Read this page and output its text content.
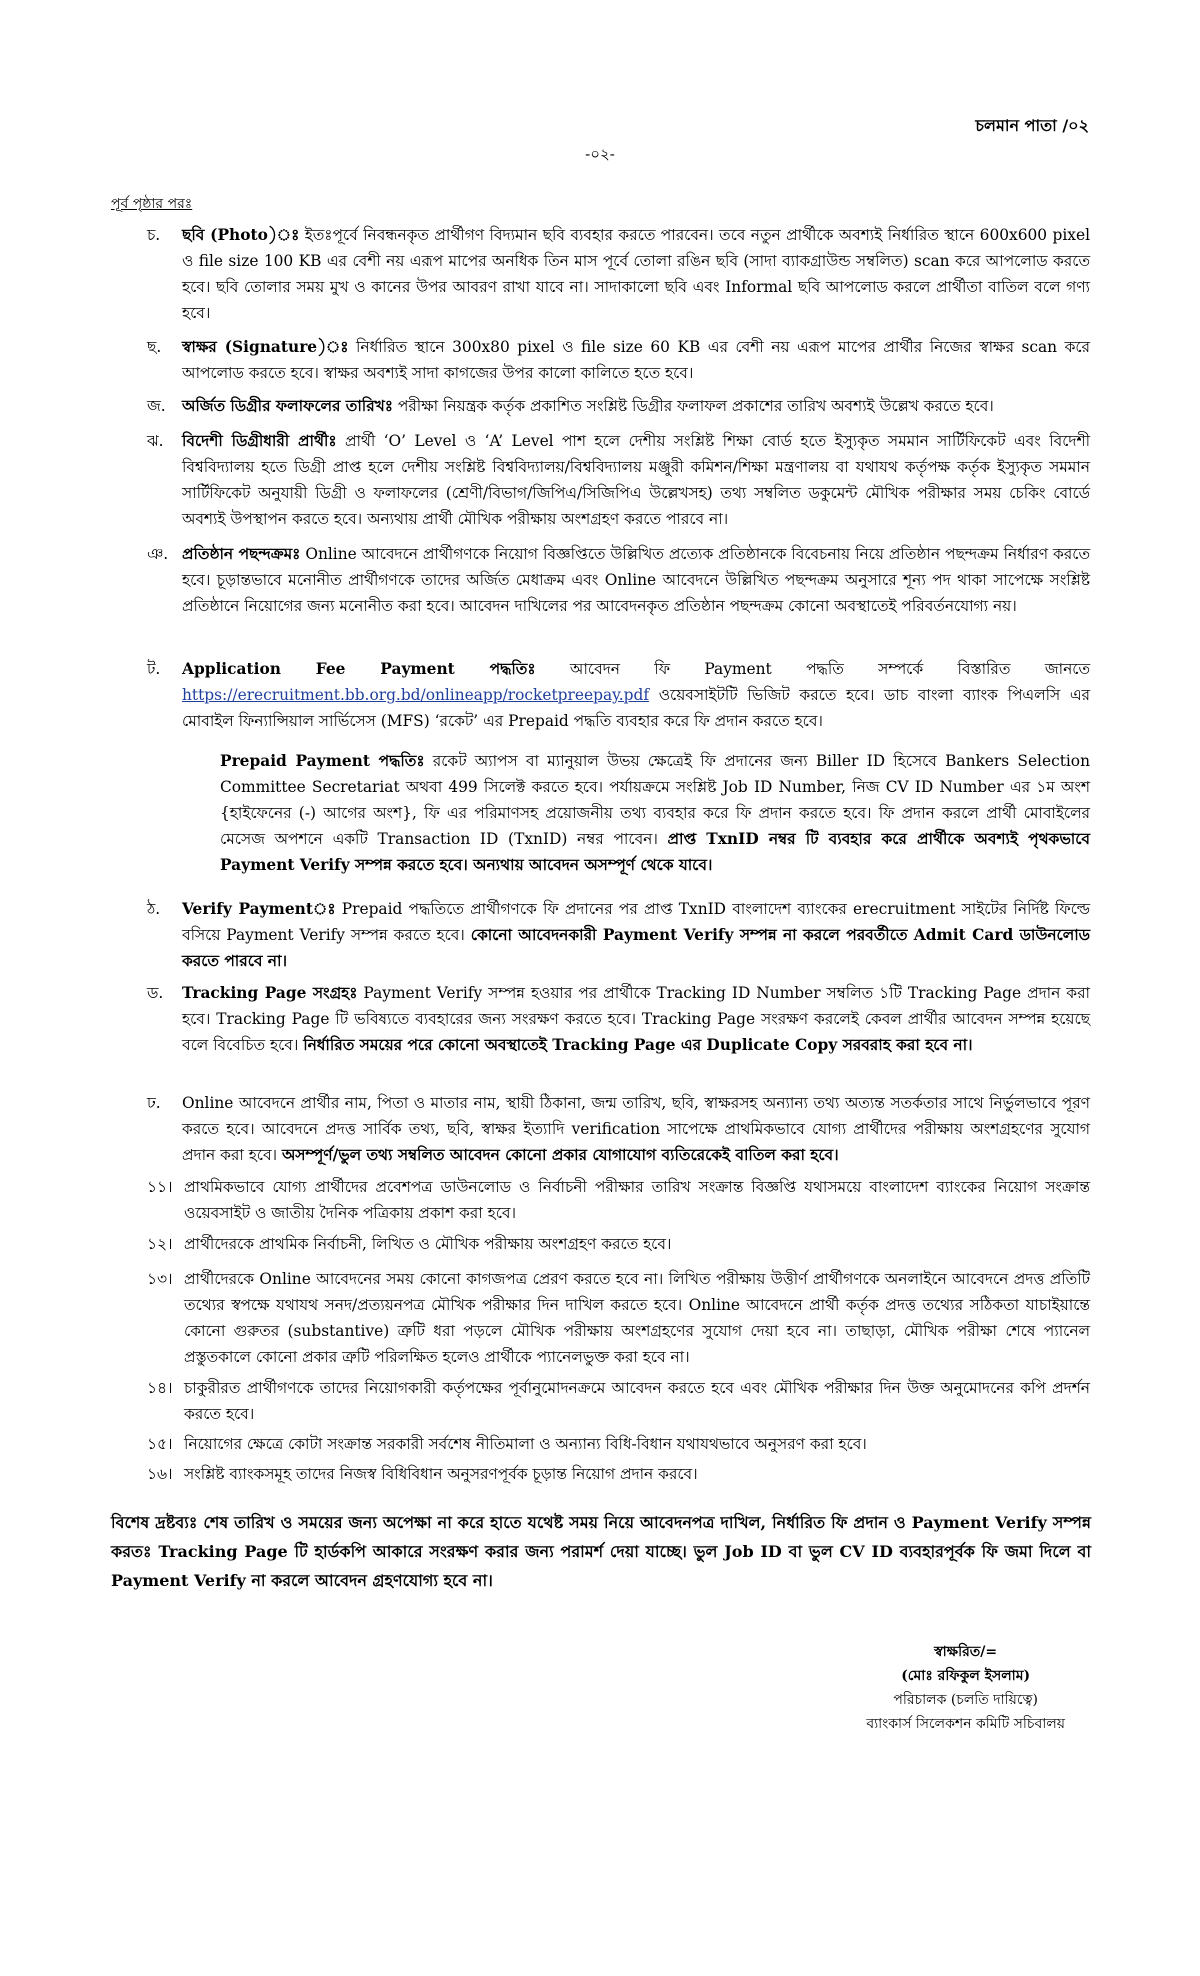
চলমান পাতা /০২
-০২-
পূর্ব পৃষ্ঠার পরঃ
চ.	ছবি (Photo)ঃ ইতঃপূর্বে নিবন্ধনকৃত প্রার্থীগণ বিদ্যমান ছবি ব্যবহার করতে পারবেন। তবে নতুন প্রার্থীকে অবশ্যই নির্ধারিত স্থানে 600x600 pixel ও file size 100 KB এর বেশী নয় এরূপ মাপের অনধিক তিন মাস পূর্বে তোলা রঙিন ছবি (সাদা ব্যাকগ্রাউন্ড সম্বলিত) scan করে আপলোড করতে হবে। ছবি তোলার সময় মুখ ও কানের উপর আবরণ রাখা যাবে না। সাদাকালো ছবি এবং Informal ছবি আপলোড করলে প্রার্থীতা বাতিল বলে গণ্য হবে।
ছ.	স্বাক্ষর (Signature)ঃ নির্ধারিত স্থানে 300x80 pixel ও file size 60 KB এর বেশী নয় এরূপ মাপের প্রার্থীর নিজের স্বাক্ষর scan করে আপলোড করতে হবে। স্বাক্ষর অবশ্যই সাদা কাগজের উপর কালো কালিতে হতে হবে।
জ.	অর্জিত ডিগ্রীর ফলাফলের তারিখঃ পরীক্ষা নিয়ন্ত্রক কর্তৃক প্রকাশিত সংশ্লিষ্ট ডিগ্রীর ফলাফল প্রকাশের তারিখ অবশ্যই উল্লেখ করতে হবে।
ঝ.	বিদেশী ডিগ্রীধারী প্রার্থীঃ প্রার্থী ‘O’ Level ও ‘A’ Level পাশ হলে দেশীয় সংশ্লিষ্ট শিক্ষা বোর্ড হতে ইস্যুকৃত সমমান সার্টিফিকেট এবং বিদেশী বিশ্ববিদ্যালয় হতে ডিগ্রী প্রাপ্ত হলে দেশীয় সংশ্লিষ্ট বিশ্ববিদ্যালয়/বিশ্ববিদ্যালয় মঞ্জুরী কমিশন/শিক্ষা মন্ত্রণালয় বা যথাযথ কর্তৃপক্ষ কর্তৃক ইস্যুকৃত সমমান সার্টিফিকেট অনুযায়ী ডিগ্রী ও ফলাফলের (শ্রেণী/বিভাগ/জিপিএ/সিজিপিএ উল্লেখসহ) তথ্য সম্বলিত ডকুমেন্ট মৌখিক পরীক্ষার সময় চেকিং বোর্ডে অবশ্যই উপস্থাপন করতে হবে। অন্যথায় প্রার্থী মৌখিক পরীক্ষায় অংশগ্রহণ করতে পারবে না।
ঞ. প্রতিষ্ঠান পছন্দক্রমঃ Online আবেদনে প্রার্থীগণকে নিয়োগ বিজ্ঞপ্তিতে উল্লিখিত প্রত্যেক প্রতিষ্ঠানকে বিবেচনায় নিয়ে প্রতিষ্ঠান পছন্দক্রম নির্ধারণ করতে হবে। চূড়ান্তভাবে মনোনীত প্রার্থীগণকে তাদের অর্জিত মেধাক্রম এবং Online আবেদনে উল্লিখিত পছন্দক্রম অনুসারে শূন্য পদ থাকা সাপেক্ষে সংশ্লিষ্ট প্রতিষ্ঠানে নিয়োগের জন্য মনোনীত করা হবে। আবেদন দাখিলের পর আবেদনকৃত প্রতিষ্ঠান পছন্দক্রম কোনো অবস্থাতেই পরিবর্তনযোগ্য নয়।
ট.	Application Fee Payment পদ্ধতিঃ আবেদন ফি Payment পদ্ধতি সম্পর্কে বিস্তারিত জানতে https://erecruitment.bb.org.bd/onlineapp/rocketpreepay.pdf ওয়েবসাইটটি ভিজিট করতে হবে। ডাচ বাংলা ব্যাংক পিএলসি এর মোবাইল ফিন্যান্সিয়াল সার্ভিসেস (MFS) ‘রকেট’ এর Prepaid পদ্ধতি ব্যবহার করে ফি প্রদান করতে হবে।
Prepaid Payment পদ্ধতিঃ রকেট অ্যাপস বা ম্যানুয়াল উভয় ক্ষেত্রেই ফি প্রদানের জন্য Biller ID হিসেবে Bankers Selection Committee Secretariat অথবা 499 সিলেক্ট করতে হবে। পর্যায়ক্রমে সংশ্লিষ্ট Job ID Number, নিজ CV ID Number এর ১ম অংশ {হাইফেনের (-) আগের অংশ}, ফি এর পরিমাণসহ প্রয়োজনীয় তথ্য ব্যবহার করে ফি প্রদান করতে হবে। ফি প্রদান করলে প্রার্থী মোবাইলের মেসেজ অপশনে একটি Transaction ID (TxnID) নম্বর পাবেন। প্রাপ্ত TxnID নম্বর টি ব্যবহার করে প্রার্থীকে অবশ্যই পৃথকভাবে Payment Verify সম্পন্ন করতে হবে। অন্যথায় আবেদন অসম্পূর্ণ থেকে যাবে।
ঠ.	Verify Paymentঃ Prepaid পদ্ধতিতে প্রার্থীগণকে ফি প্রদানের পর প্রাপ্ত TxnID বাংলাদেশ ব্যাংকের erecruitment সাইটের নির্দিষ্ট ফিল্ডে বসিয়ে Payment Verify সম্পন্ন করতে হবে। কোনো আবেদনকারী Payment Verify সম্পন্ন না করলে পরবর্তীতে Admit Card ডাউনলোড করতে পারবে না।
ড.	Tracking Page সংগ্রহঃ Payment Verify সম্পন্ন হওয়ার পর প্রার্থীকে Tracking ID Number সম্বলিত ১টি Tracking Page প্রদান করা হবে। Tracking Page টি ভবিষ্যতে ব্যবহারের জন্য সংরক্ষণ করতে হবে। Tracking Page সংরক্ষণ করলেই কেবল প্রার্থীর আবেদন সম্পন্ন হয়েছে বলে বিবেচিত হবে। নির্ধারিত সময়ের পরে কোনো অবস্থাতেই Tracking Page এর Duplicate Copy সরবরাহ করা হবে না।
ঢ.	Online আবেদনে প্রার্থীর নাম, পিতা ও মাতার নাম, স্থায়ী ঠিকানা, জন্ম তারিখ, ছবি, স্বাক্ষরসহ অন্যান্য তথ্য অত্যন্ত সতর্কতার সাথে নির্ভুলভাবে পূরণ করতে হবে। আবেদনে প্রদত্ত সার্বিক তথ্য, ছবি, স্বাক্ষর ইত্যাদি verification সাপেক্ষে প্রাথমিকভাবে যোগ্য প্রার্থীদের পরীক্ষায় অংশগ্রহণের সুযোগ প্রদান করা হবে। অসম্পূর্ণ/ভুল তথ্য সম্বলিত আবেদন কোনো প্রকার যোগাযোগ ব্যতিরেকেই বাতিল করা হবে।
১১। প্রাথমিকভাবে যোগ্য প্রার্থীদের প্রবেশপত্র ডাউনলোড ও নির্বাচনী পরীক্ষার তারিখ সংক্রান্ত বিজ্ঞপ্তি যথাসময়ে বাংলাদেশ ব্যাংকের নিয়োগ সংক্রান্ত ওয়েবসাইট ও জাতীয় দৈনিক পত্রিকায় প্রকাশ করা হবে।
১২। প্রার্থীদেরকে প্রাথমিক নির্বাচনী, লিখিত ও মৌখিক পরীক্ষায় অংশগ্রহণ করতে হবে।
১৩। প্রার্থীদেরকে Online আবেদনের সময় কোনো কাগজপত্র প্রেরণ করতে হবে না। লিখিত পরীক্ষায় উত্তীর্ণ প্রার্থীগণকে অনলাইনে আবেদনে প্রদত্ত প্রতিটি তথ্যের স্বপক্ষে যথাযথ সনদ/প্রত্যয়নপত্র মৌখিক পরীক্ষার দিন দাখিল করতে হবে। Online আবেদনে প্রার্থী কর্তৃক প্রদত্ত তথ্যের সঠিকতা যাচাইয়ান্তে কোনো গুরুতর (substantive) ত্রুটি ধরা পড়লে মৌখিক পরীক্ষায় অংশগ্রহণের সুযোগ দেয়া হবে না। তাছাড়া, মৌখিক পরীক্ষা শেষে প্যানেল প্রস্তুতকালে কোনো প্রকার ত্রুটি পরিলক্ষিত হলেও প্রার্থীকে প্যানেলভুক্ত করা হবে না।
১৪। চাকুরীরত প্রার্থীগণকে তাদের নিয়োগকারী কর্তৃপক্ষের পূর্বানুমোদনক্রমে আবেদন করতে হবে এবং মৌখিক পরীক্ষার দিন উক্ত অনুমোদনের কপি প্রদর্শন করতে হবে।
১৫। নিয়োগের ক্ষেত্রে কোটা সংক্রান্ত সরকারী সর্বশেষ নীতিমালা ও অন্যান্য বিধি-বিধান যথাযথভাবে অনুসরণ করা হবে।
১৬। সংশ্লিষ্ট ব্যাংকসমূহ তাদের নিজস্ব বিধিবিধান অনুসরণপূর্বক চূড়ান্ত নিয়োগ প্রদান করবে।
বিশেষ দ্রষ্টব্যঃ শেষ তারিখ ও সময়ের জন্য অপেক্ষা না করে হাতে যথেষ্ট সময় নিয়ে আবেদনপত্র দাখিল, নির্ধারিত ফি প্রদান ও Payment Verify সম্পন্ন করতঃ Tracking Page টি হার্ডকপি আকারে সংরক্ষণ করার জন্য পরামর্শ দেয়া যাচ্ছে। ভুল Job ID বা ভুল CV ID ব্যবহারপূর্বক ফি জমা দিলে বা Payment Verify না করলে আবেদন গ্রহণযোগ্য হবে না।
স্বাক্ষরিত/=
(মোঃ রফিকুল ইসলাম)
পরিচালক (চলতি দায়িত্বে)
ব্যাংকার্স সিলেকশন কমিটি সচিবালয়
